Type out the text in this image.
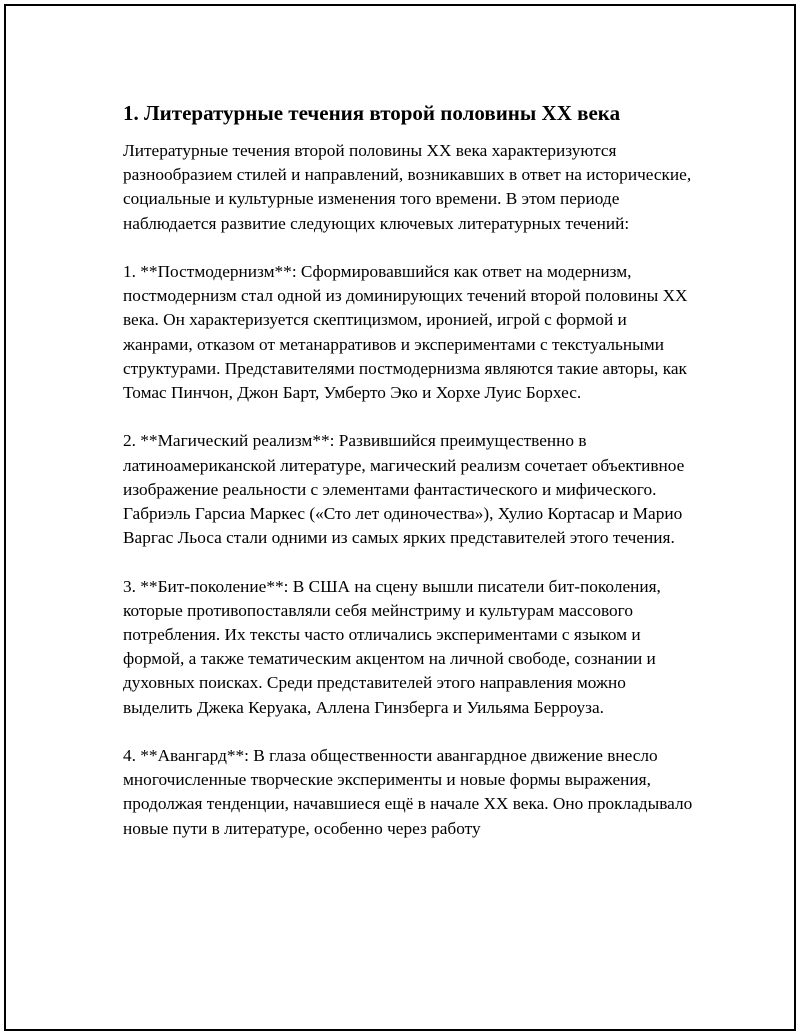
1. Литературные течения второй половины XX века

Литературные течения второй половины XX века характеризуются разнообразием стилей и направлений, возникавших в ответ на исторические, социальные и культурные изменения того времени. В этом периоде наблюдается развитие следующих ключевых литературных течений:

1. **Постмодернизм**: Сформировавшийся как ответ на модернизм, постмодернизм стал одной из доминирующих течений второй половины XX века. Он характеризуется скептицизмом, иронией, игрой с формой и жанрами, отказом от метанарративов и экспериментами с текстуальными структурами. Представителями постмодернизма являются такие авторы, как Томас Пинчон, Джон Барт, Умберто Эко и Хорхе Луис Борхес.

2. **Магический реализм**: Развившийся преимущественно в латиноамериканской литературе, магический реализм сочетает объективное изображение реальности с элементами фантастического и мифического. Габриэль Гарсиа Маркес («Сто лет одиночества»), Хулио Кортасар и Марио Варгас Льоса стали одними из самых ярких представителей этого течения.

3. **Бит-поколение**: В США на сцену вышли писатели бит-поколения, которые противопоставляли себя мейнстриму и культурам массового потребления. Их тексты часто отличались экспериментами с языком и формой, а также тематическим акцентом на личной свободе, сознании и духовных поисках. Среди представителей этого направления можно выделить Джека Керуака, Аллена Гинзберга и Уильяма Берроуза.

4. **Авангард**: В глаза общественности авангардное движение внесло многочисленные творческие эксперименты и новые формы выражения, продолжая тенденции, начавшиеся ещё в начале XX века. Оно прокладывало новые пути в литературе, особенно через работу
